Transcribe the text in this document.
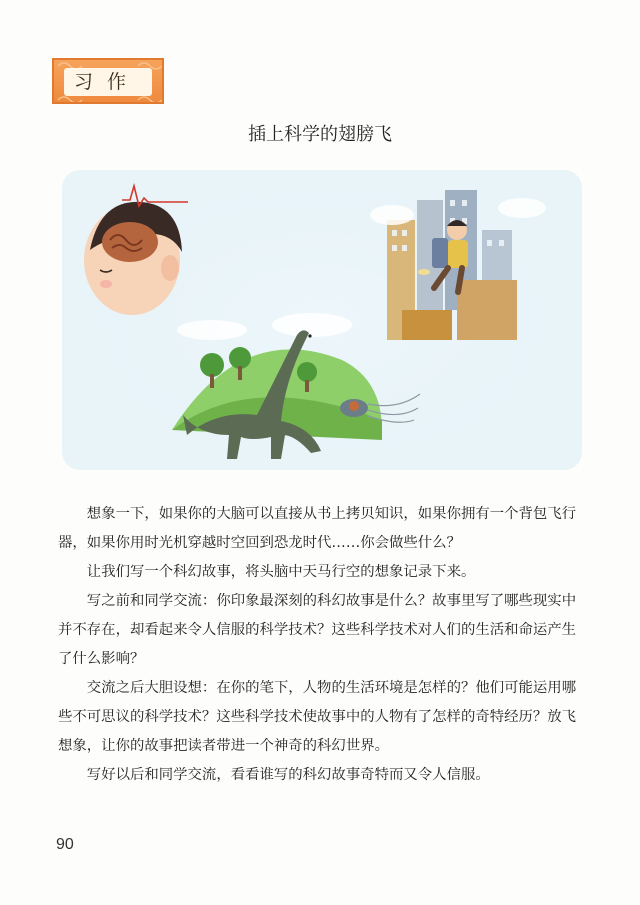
习作
插上科学的翅膀飞

想象一下，如果你的大脑可以直接从书上拷贝知识，如果你拥有一个背包飞行器，如果你用时光机穿越时空回到恐龙时代……你会做些什么？

让我们写一个科幻故事，将头脑中天马行空的想象记录下来。

写之前和同学交流：你印象最深刻的科幻故事是什么？故事里写了哪些现实中并不存在，却看起来令人信服的科学技术？这些科学技术对人们的生活和命运产生了什么影响？

交流之后大胆设想：在你的笔下，人物的生活环境是怎样的？他们可能运用哪些不可思议的科学技术？这些科学技术使故事中的人物有了怎样的奇特经历？放飞想象，让你的故事把读者带进一个神奇的科幻世界。

写好以后和同学交流，看看谁写的科幻故事奇特而又令人信服。

90
